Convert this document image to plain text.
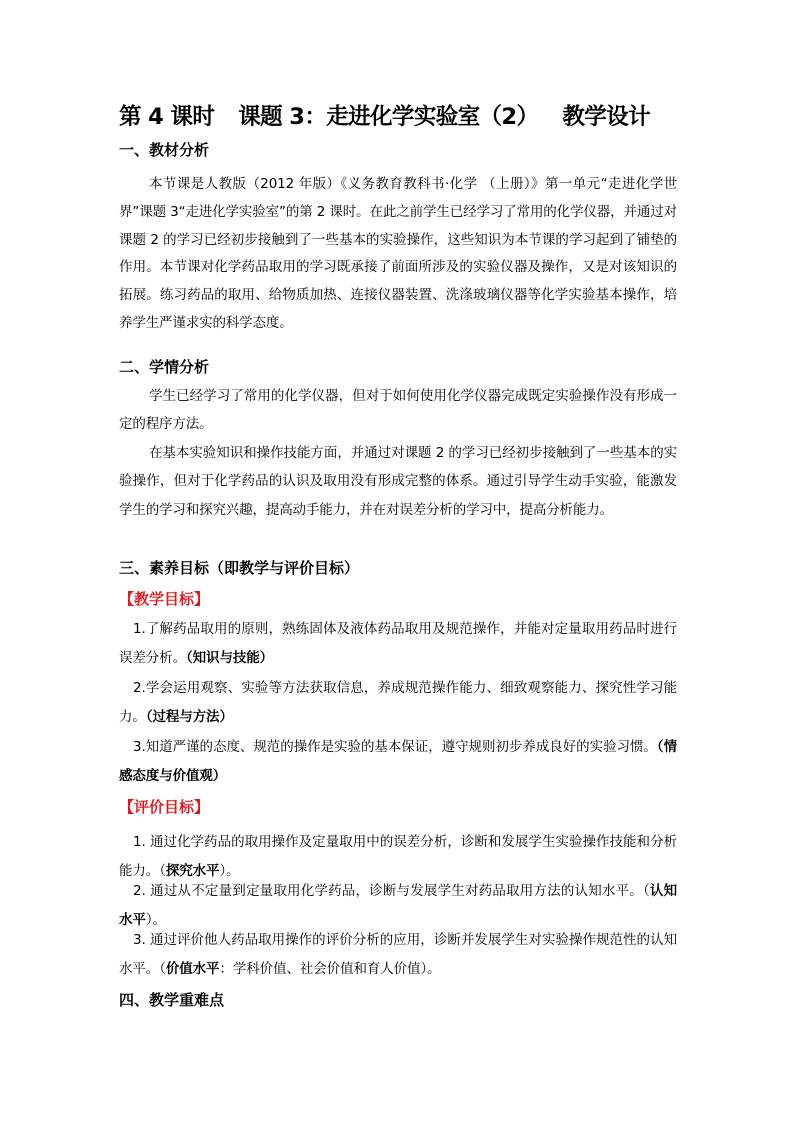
第 4 课时 课题 3：走进化学实验室（2） 教学设计
一、教材分析
本节课是人教版（2012 年版）《义务教育教科书·化学 （上册）》第一单元“走进化学世界”课题 3“走进化学实验室”的第 2 课时。在此之前学生已经学习了常用的化学仪器，并通过对课题 2 的学习已经初步接触到了一些基本的实验操作，这些知识为本节课的学习起到了铺垫的作用。本节课对化学药品取用的学习既承接了前面所涉及的实验仪器及操作，又是对该知识的拓展。练习药品的取用、给物质加热、连接仪器装置、洗涤玻璃仪器等化学实验基本操作，培养学生严谨求实的科学态度。
二、学情分析
学生已经学习了常用的化学仪器，但对于如何使用化学仪器完成既定实验操作没有形成一定的程序方法。
在基本实验知识和操作技能方面，并通过对课题 2 的学习已经初步接触到了一些基本的实验操作，但对于化学药品的认识及取用没有形成完整的体系。通过引导学生动手实验，能激发学生的学习和探究兴趣，提高动手能力，并在对误差分析的学习中，提高分析能力。
三、素养目标（即教学与评价目标）
【教学目标】
1.了解药品取用的原则，熟练固体及液体药品取用及规范操作，并能对定量取用药品时进行误差分析。（知识与技能）
2.学会运用观察、实验等方法获取信息，养成规范操作能力、细致观察能力、探究性学习能力。（过程与方法）
3.知道严谨的态度、规范的操作是实验的基本保证，遵守规则初步养成良好的实验习惯。（情感态度与价值观）
【评价目标】
1. 通过化学药品的取用操作及定量取用中的误差分析，诊断和发展学生实验操作技能和分析能力。（探究水平）。
2. 通过从不定量到定量取用化学药品，诊断与发展学生对药品取用方法的认知水平。（认知水平）。
3. 通过评价他人药品取用操作的评价分析的应用，诊断并发展学生对实验操作规范性的认知水平。（价值水平：学科价值、社会价值和育人价值）。
四、教学重难点
